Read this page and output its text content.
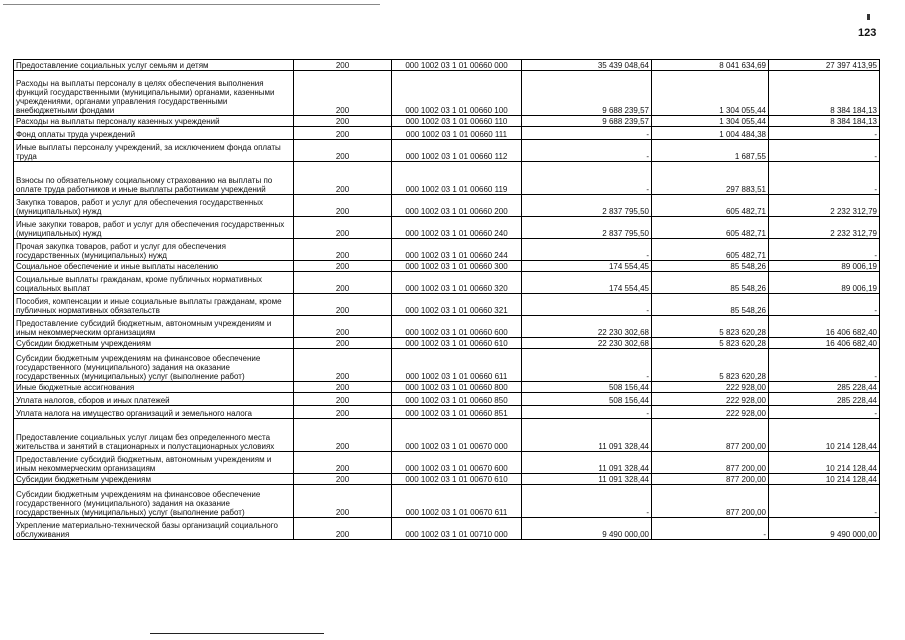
123
Предоставление социальных услуг семьям и детям	200	000 1002 03 1 01 00660 000	35 439 048,64	8 041 634,69	27 397 413,95
Расходы на выплаты персоналу в целях обеспечения выполнения функций государственными (муниципальными) органами, казенными учреждениями, органами управления государственными внебюджетными фондами	200	000 1002 03 1 01 00660 100	9 688 239,57	1 304 055,44	8 384 184,13
Расходы на выплаты персоналу казенных учреждений	200	000 1002 03 1 01 00660 110	9 688 239,57	1 304 055,44	8 384 184,13
Фонд оплаты труда учреждений	200	000 1002 03 1 01 00660 111	-	1 004 484,38	-
Иные выплаты персоналу учреждений, за исключением фонда оплаты труда	200	000 1002 03 1 01 00660 112	-	1 687,55	-
Взносы по обязательному социальному страхованию на выплаты по оплате труда работников и иные выплаты работникам учреждений	200	000 1002 03 1 01 00660 119	-	297 883,51	-
Закупка товаров, работ и услуг для обеспечения государственных (муниципальных) нужд	200	000 1002 03 1 01 00660 200	2 837 795,50	605 482,71	2 232 312,79
Иные закупки товаров, работ и услуг для обеспечения государственных (муниципальных) нужд	200	000 1002 03 1 01 00660 240	2 837 795,50	605 482,71	2 232 312,79
Прочая закупка товаров, работ и услуг для обеспечения государственных (муниципальных) нужд	200	000 1002 03 1 01 00660 244	-	605 482,71	-
Социальное обеспечение и иные выплаты населению	200	000 1002 03 1 01 00660 300	174 554,45	85 548,26	89 006,19
Социальные выплаты гражданам, кроме публичных нормативных социальных выплат	200	000 1002 03 1 01 00660 320	174 554,45	85 548,26	89 006,19
Пособия, компенсации и иные социальные выплаты гражданам, кроме публичных нормативных обязательств	200	000 1002 03 1 01 00660 321	-	85 548,26	-
Предоставление субсидий бюджетным, автономным учреждениям и иным некоммерческим организациям	200	000 1002 03 1 01 00660 600	22 230 302,68	5 823 620,28	16 406 682,40
Субсидии бюджетным учреждениям	200	000 1002 03 1 01 00660 610	22 230 302,68	5 823 620,28	16 406 682,40
Субсидии бюджетным учреждениям на финансовое обеспечение государственного (муниципального) задания на оказание государственных (муниципальных) услуг (выполнение работ)	200	000 1002 03 1 01 00660 611	-	5 823 620,28	-
Иные бюджетные ассигнования	200	000 1002 03 1 01 00660 800	508 156,44	222 928,00	285 228,44
Уплата налогов, сборов и иных платежей	200	000 1002 03 1 01 00660 850	508 156,44	222 928,00	285 228,44
Уплата налога на имущество организаций и земельного налога	200	000 1002 03 1 01 00660 851	-	222 928,00	-
Предоставление социальных услуг лицам без определенного места жительства и занятий в стационарных и полустационарных условиях	200	000 1002 03 1 01 00670 000	11 091 328,44	877 200,00	10 214 128,44
Предоставление субсидий бюджетным, автономным учреждениям и иным некоммерческим организациям	200	000 1002 03 1 01 00670 600	11 091 328,44	877 200,00	10 214 128,44
Субсидии бюджетным учреждениям	200	000 1002 03 1 01 00670 610	11 091 328,44	877 200,00	10 214 128,44
Субсидии бюджетным учреждениям на финансовое обеспечение государственного (муниципального) задания на оказание государственных (муниципальных) услуг (выполнение работ)	200	000 1002 03 1 01 00670 611	-	877 200,00	-
Укрепление материально-технической базы организаций социального обслуживания	200	000 1002 03 1 01 00710 000	9 490 000,00	-	9 490 000,00
